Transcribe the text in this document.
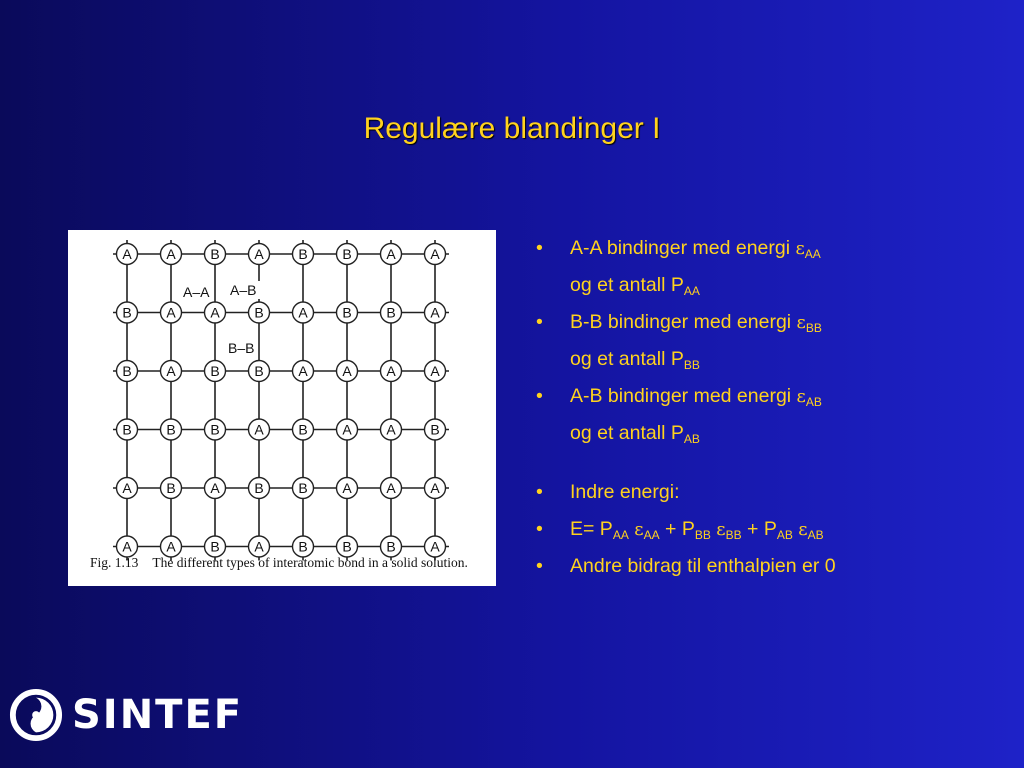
Regulære blandinger I
A A B A B B A A
B A A B A B B A
B A B B A A A A
B B B A B A A B
A B A B B A A A
A A B A B B B A
A–A A–B
B–B
Fig. 1.13 The different types of interatomic bond in a solid solution.
•	A-A bindinger med energi $\varepsilon_{AA}$
og et antall $P_{AA}$
•	B-B bindinger med energi $\varepsilon_{BB}$
og et antall $P_{BB}$
•	A-B bindinger med energi $\varepsilon_{AB}$
og et antall $P_{AB}$
•	Indre energi:
•	$E= P_{AA}$ $\varepsilon_{AA} + P_{BB}$ $\varepsilon_{BB} + P_{AB}$ $\varepsilon_{AB}$
•	Andre bidrag til enthalpien er 0
SINTEF
